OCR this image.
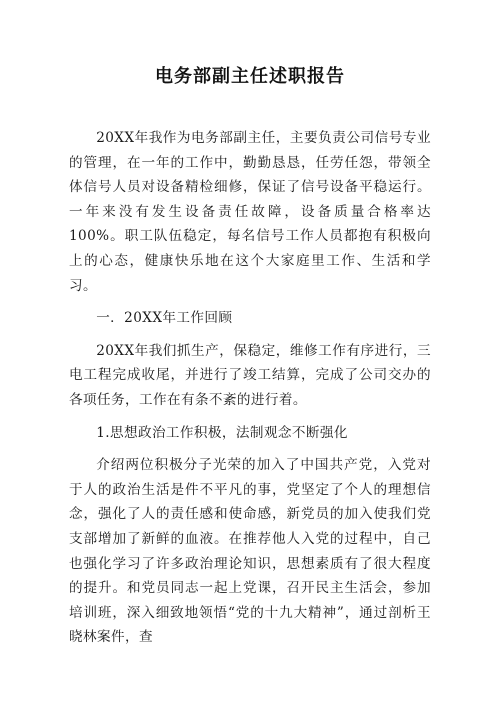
电务部副主任述职报告

20XX年我作为电务部副主任，主要负责公司信号专业的管理，在一年的工作中，勤勤恳恳，任劳任怨，带领全体信号人员对设备精检细修，保证了信号设备平稳运行。一年来没有发生设备责任故障，设备质量合格率达100%。职工队伍稳定，每名信号工作人员都抱有积极向上的心态，健康快乐地在这个大家庭里工作、生活和学习。

一．20XX年工作回顾

20XX年我们抓生产，保稳定，维修工作有序进行，三电工程完成收尾，并进行了竣工结算，完成了公司交办的各项任务，工作在有条不紊的进行着。

1.思想政治工作积极，法制观念不断强化

介绍两位积极分子光荣的加入了中国共产党，入党对于人的政治生活是件不平凡的事，党坚定了个人的理想信念，强化了人的责任感和使命感，新党员的加入使我们党支部增加了新鲜的血液。在推荐他人入党的过程中，自己也强化学习了许多政治理论知识，思想素质有了很大程度的提升。和党员同志一起上党课，召开民主生活会，参加培训班，深入细致地领悟“党的十九大精神”，通过剖析王晓林案件，查
